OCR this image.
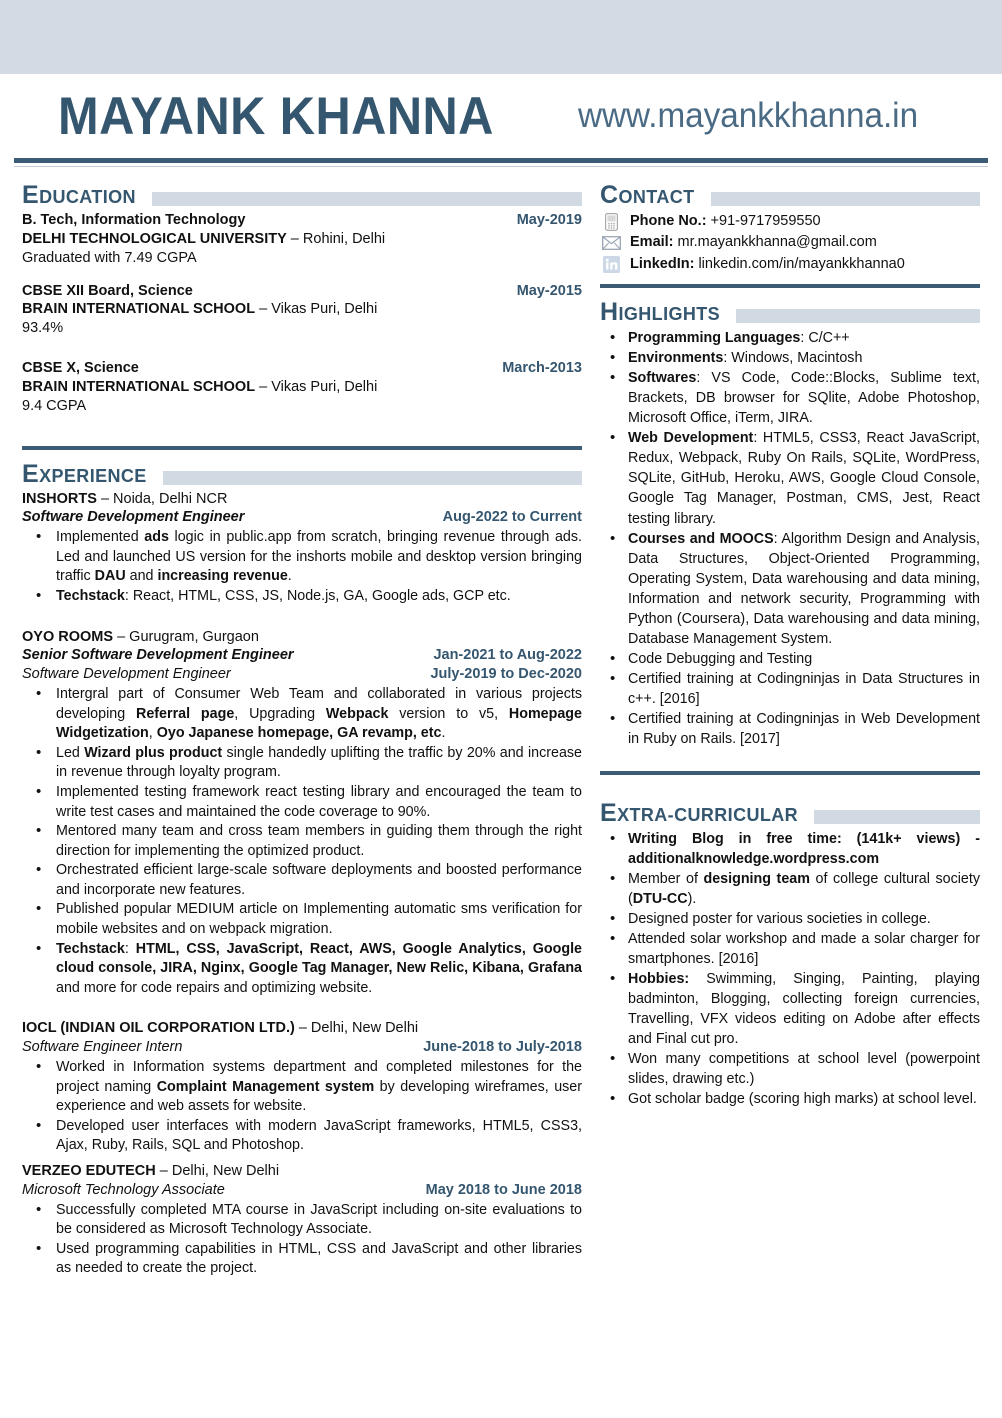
MAYANK KHANNA www.mayankkhanna.in
EDUCATION
B. Tech, Information Technology	May-2019
DELHI TECHNOLOGICAL UNIVERSITY – Rohini, Delhi
Graduated with 7.49 CGPA
CBSE XII Board, Science	May-2015
BRAIN INTERNATIONAL SCHOOL – Vikas Puri, Delhi
93.4%
CBSE X, Science	March-2013
BRAIN INTERNATIONAL SCHOOL – Vikas Puri, Delhi
9.4 CGPA
EXPERIENCE
INSHORTS – Noida, Delhi NCR
Software Development Engineer	Aug-2022 to Current
• Implemented ads logic in public.app from scratch, bringing revenue through ads. Led and launched US version for the inshorts mobile and desktop version bringing traffic DAU and increasing revenue.
• Techstack: React, HTML, CSS, JS, Node.js, GA, Google ads, GCP etc.
OYO ROOMS – Gurugram, Gurgaon
Senior Software Development Engineer	Jan-2021 to Aug-2022
Software Development Engineer	July-2019 to Dec-2020
• Intergral part of Consumer Web Team and collaborated in various projects developing Referral page, Upgrading Webpack version to v5, Homepage Widgetization, Oyo Japanese homepage, GA revamp, etc.
• Led Wizard plus product single handedly uplifting the traffic by 20% and increase in revenue through loyalty program.
• Implemented testing framework react testing library and encouraged the team to write test cases and maintained the code coverage to 90%.
• Mentored many team and cross team members in guiding them through the right direction for implementing the optimized product.
• Orchestrated efficient large-scale software deployments and boosted performance and incorporate new features.
• Published popular MEDIUM article on Implementing automatic sms verification for mobile websites and on webpack migration.
• Techstack: HTML, CSS, JavaScript, React, AWS, Google Analytics, Google cloud console, JIRA, Nginx, Google Tag Manager, New Relic, Kibana, Grafana and more for code repairs and optimizing website.
IOCL (INDIAN OIL CORPORATION LTD.) – Delhi, New Delhi
Software Engineer Intern	June-2018 to July-2018
• Worked in Information systems department and completed milestones for the project naming Complaint Management system by developing wireframes, user experience and web assets for website.
• Developed user interfaces with modern JavaScript frameworks, HTML5, CSS3, Ajax, Ruby, Rails, SQL and Photoshop.
VERZEO EDUTECH – Delhi, New Delhi
Microsoft Technology Associate	May 2018 to June 2018
• Successfully completed MTA course in JavaScript including on-site evaluations to be considered as Microsoft Technology Associate.
• Used programming capabilities in HTML, CSS and JavaScript and other libraries as needed to create the project.
CONTACT
Phone No.: +91-9717959550
Email: mr.mayankkhanna@gmail.com
LinkedIn: linkedin.com/in/mayankkhanna0
HIGHLIGHTS
• Programming Languages: C/C++
• Environments: Windows, Macintosh
• Softwares: VS Code, Code::Blocks, Sublime text, Brackets, DB browser for SQlite, Adobe Photoshop, Microsoft Office, iTerm, JIRA.
• Web Development: HTML5, CSS3, React JavaScript, Redux, Webpack, Ruby On Rails, SQLite, WordPress, SQLite, GitHub, Heroku, AWS, Google Cloud Console, Google Tag Manager, Postman, CMS, Jest, React testing library.
• Courses and MOOCS: Algorithm Design and Analysis, Data Structures, Object-Oriented Programming, Operating System, Data warehousing and data mining, Information and network security, Programming with Python (Coursera), Data warehousing and data mining, Database Management System.
• Code Debugging and Testing
• Certified training at Codingninjas in Data Structures in c++. [2016]
• Certified training at Codingninjas in Web Development in Ruby on Rails. [2017]
EXTRA-CURRICULAR
• Writing Blog in free time: (141k+ views) -additionalknowledge.wordpress.com
• Member of designing team of college cultural society (DTU-CC).
• Designed poster for various societies in college.
• Attended solar workshop and made a solar charger for smartphones. [2016]
• Hobbies: Swimming, Singing, Painting, playing badminton, Blogging, collecting foreign currencies, Travelling, VFX videos editing on Adobe after effects and Final cut pro.
• Won many competitions at school level (powerpoint slides, drawing etc.)
• Got scholar badge (scoring high marks) at school level.
